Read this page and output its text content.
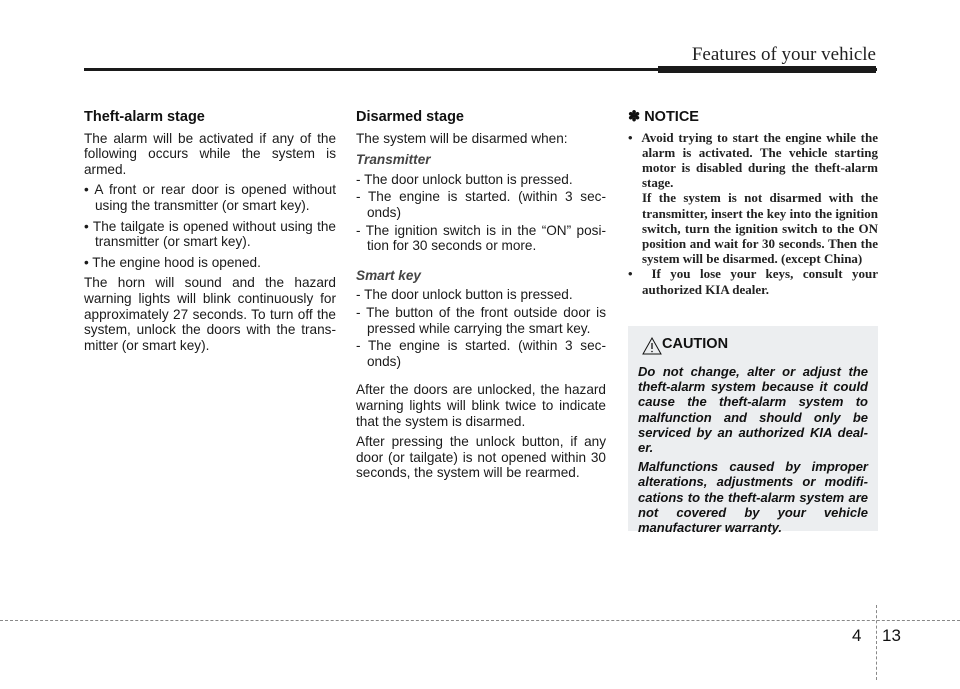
Features of your vehicle
Theft-alarm stage

The alarm will be activated if any of the following occurs while the system is armed.

• A front or rear door is opened without using the transmitter (or smart key).
• The tailgate is opened without using the transmitter (or smart key).
• The engine hood is opened.

The horn will sound and the hazard warning lights will blink continuously for approximately 27 seconds. To turn off the system, unlock the doors with the trans-mitter (or smart key).

Disarmed stage

The system will be disarmed when:

Transmitter
- The door unlock button is pressed.
- The engine is started. (within 3 sec-onds)
- The ignition switch is in the “ON” posi-tion for 30 seconds or more.
Smart key
- The door unlock button is pressed.
- The button of the front outside door is pressed while carrying the smart key.
- The engine is started. (within 3 sec-onds)

After the doors are unlocked, the hazard warning lights will blink twice to indicate that the system is disarmed.

After pressing the unlock button, if any door (or tailgate) is not opened within 30 seconds, the system will be rearmed.

✽ NOTICE
• Avoid trying to start the engine while the alarm is activated. The vehicle starting motor is disabled during the theft-alarm stage.
If the system is not disarmed with the transmitter, insert the key into the ignition switch, turn the ignition switch to the ON position and wait for 30 seconds. Then the system will be disarmed. (except China)
• If you lose your keys, consult your authorized KIA dealer.
CAUTION

Do not change, alter or adjust the theft-alarm system because it could cause the theft-alarm system to malfunction and should only be serviced by an authorized KIA deal-er.

Malfunctions caused by improper alterations, adjustments or modifi-cations to the theft-alarm system are not covered by your vehicle manufacturer warranty.

4 13
